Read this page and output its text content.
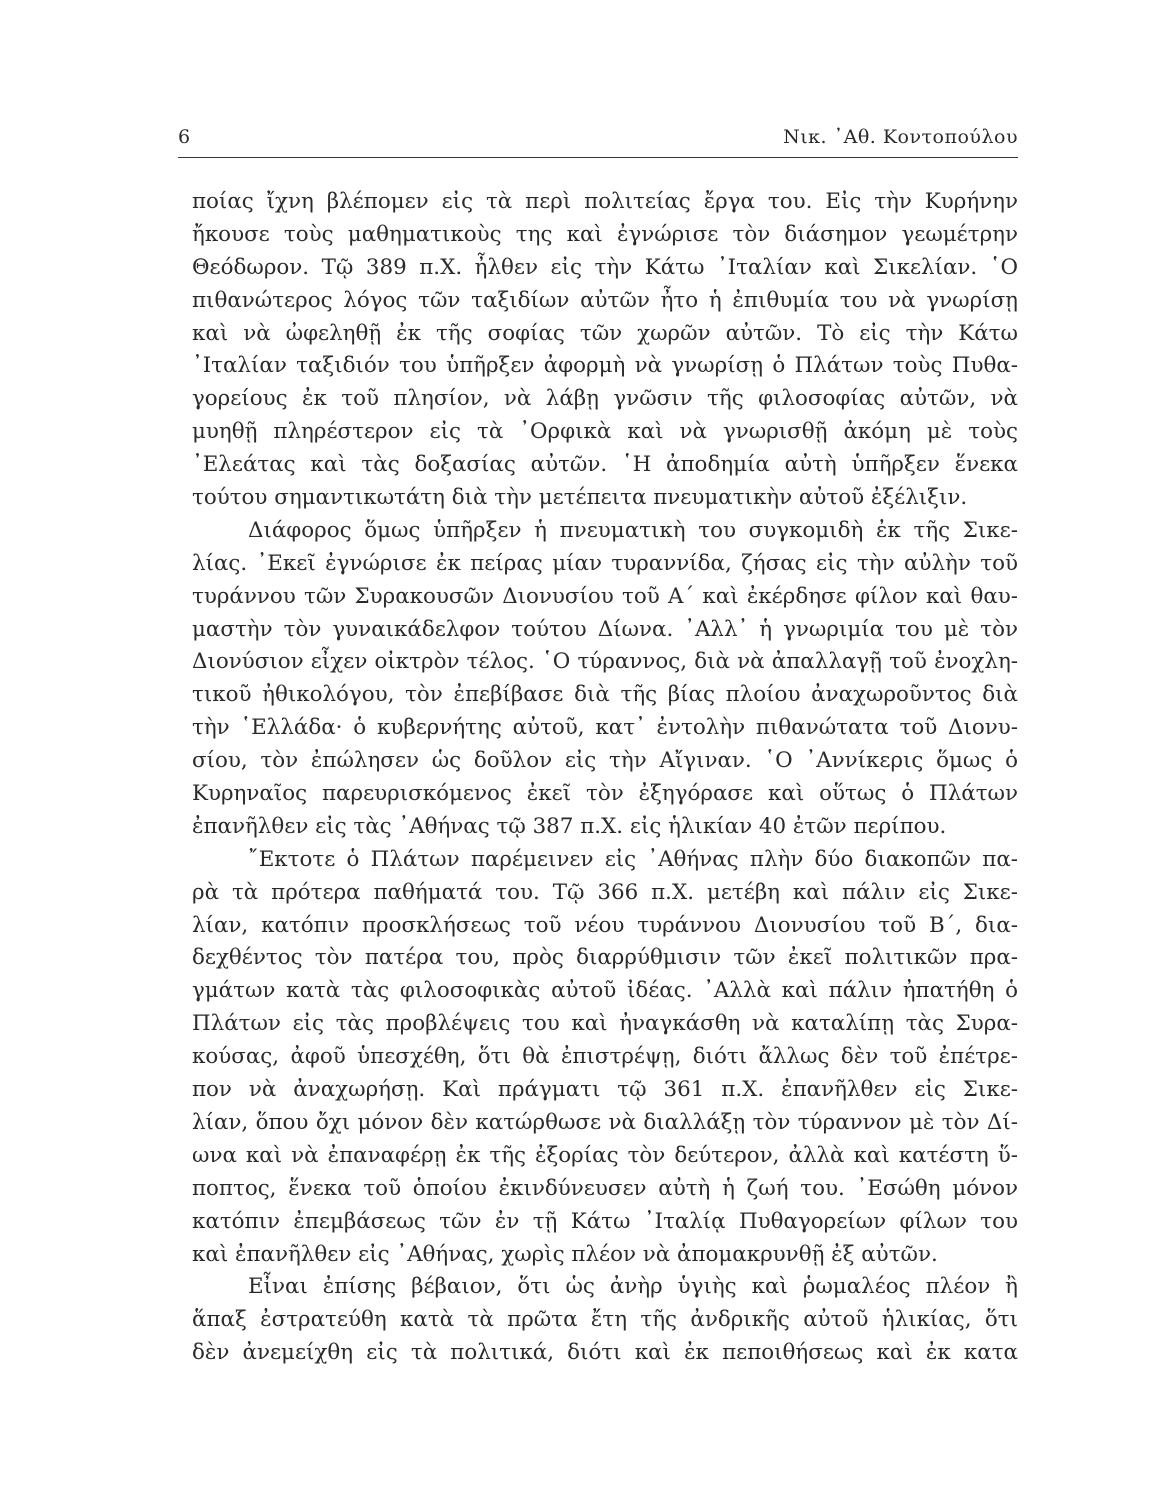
6	Νικ. ᾿Αθ. Κοντοπούλου
ποίας ἴχνη βλέπομεν εἰς τὰ περὶ πολιτείας ἔργα του. Εἰς τὴν Κυρήνην
ἤκουσε τοὺς μαθηματικοὺς της καὶ ἐγνώρισε τὸν διάσημον γεωμέτρην
Θεόδωρον. Τῷ 389 π.Χ. ἦλθεν εἰς τὴν Κάτω ᾿Ιταλίαν καὶ Σικελίαν. ῾Ο
πιθανώτερος λόγος τῶν ταξιδίων αὐτῶν ἦτο ἡ ἐπιθυμία του νὰ γνωρίσῃ
καὶ νὰ ὠφεληθῇ ἐκ τῆς σοφίας τῶν χωρῶν αὐτῶν. Τὸ εἰς τὴν Κάτω
᾿Ιταλίαν ταξιδιόν του ὑπῆρξεν ἀφορμὴ νὰ γνωρίσῃ ὁ Πλάτων τοὺς Πυθα-
γορείους ἐκ τοῦ πλησίον, νὰ λάβῃ γνῶσιν τῆς φιλοσοφίας αὐτῶν, νὰ
μυηθῇ πληρέστερον εἰς τὰ ᾿Ορφικὰ καὶ νὰ γνωρισθῇ ἀκόμη μὲ τοὺς
᾿Ελεάτας καὶ τὰς δοξασίας αὐτῶν. ῾Η ἀποδημία αὐτὴ ὑπῆρξεν ἕνεκα
τούτου σημαντικωτάτη διὰ τὴν μετέπειτα πνευματικὴν αὐτοῦ ἐξέλιξιν.
Διάφορος ὅμως ὑπῆρξεν ἡ πνευματικὴ του συγκομιδὴ ἐκ τῆς Σικε-
λίας. ᾿Εκεῖ ἐγνώρισε ἐκ πείρας μίαν τυραννίδα, ζήσας εἰς τὴν αὐλὴν τοῦ
τυράννου τῶν Συρακουσῶν Διονυσίου τοῦ Α΄ καὶ ἐκέρδησε φίλον καὶ θαυ-
μαστὴν τὸν γυναικάδελφον τούτου Δίωνα. ᾿Αλλ᾿ ἡ γνωριμία του μὲ τὸν
Διονύσιον εἶχεν οἰκτρὸν τέλος. ῾Ο τύραννος, διὰ νὰ ἀπαλλαγῇ τοῦ ἐνοχλη-
τικοῦ ἠθικολόγου, τὸν ἐπεβίβασε διὰ τῆς βίας πλοίου ἀναχωροῦντος διὰ
τὴν ῾Ελλάδα· ὁ κυβερνήτης αὐτοῦ, κατ᾿ ἐντολὴν πιθανώτατα τοῦ Διονυ-
σίου, τὸν ἐπώλησεν ὡς δοῦλον εἰς τὴν Αἴγιναν. ῾Ο ᾿Αννίκερις ὅμως ὁ
Κυρηναῖος παρευρισκόμενος ἐκεῖ τὸν ἐξηγόρασε καὶ οὕτως ὁ Πλάτων
ἐπανῆλθεν εἰς τὰς ᾿Αθήνας τῷ 387 π.Χ. εἰς ἡλικίαν 40 ἐτῶν περίπου.
῎Εκτοτε ὁ Πλάτων παρέμεινεν εἰς ᾿Αθήνας πλὴν δύο διακοπῶν πα-
ρὰ τὰ πρότερα παθήματά του. Τῷ 366 π.Χ. μετέβη καὶ πάλιν εἰς Σικε-
λίαν, κατόπιν προσκλήσεως τοῦ νέου τυράννου Διονυσίου τοῦ Β΄, δια-
δεχθέντος τὸν πατέρα του, πρὸς διαρρύθμισιν τῶν ἐκεῖ πολιτικῶν πρα-
γμάτων κατὰ τὰς φιλοσοφικὰς αὐτοῦ ἰδέας. ᾿Αλλὰ καὶ πάλιν ἠπατήθη ὁ
Πλάτων εἰς τὰς προβλέψεις του καὶ ἠναγκάσθη νὰ καταλίπῃ τὰς Συρα-
κούσας, ἀφοῦ ὑπεσχέθη, ὅτι θὰ ἐπιστρέψῃ, διότι ἄλλως δὲν τοῦ ἐπέτρε-
πον νὰ ἀναχωρήσῃ. Καὶ πράγματι τῷ 361 π.Χ. ἐπανῆλθεν εἰς Σικε-
λίαν, ὅπου ὄχι μόνον δὲν κατώρθωσε νὰ διαλλάξῃ τὸν τύραννον μὲ τὸν Δί-
ωνα καὶ νὰ ἐπαναφέρῃ ἐκ τῆς ἐξορίας τὸν δεύτερον, ἀλλὰ καὶ κατέστη ὕ-
ποπτος, ἕνεκα τοῦ ὁποίου ἐκινδύνευσεν αὐτὴ ἡ ζωή του. ᾿Εσώθη μόνον
κατόπιν ἐπεμβάσεως τῶν ἐν τῇ Κάτω ᾿Ιταλίᾳ Πυθαγορείων φίλων του
καὶ ἐπανῆλθεν εἰς ᾿Αθήνας, χωρὶς πλέον νὰ ἀπομακρυνθῇ ἐξ αὐτῶν.
Εἶναι ἐπίσης βέβαιον, ὅτι ὡς ἀνὴρ ὑγιὴς καὶ ῥωμαλέος πλέον ἢ
ἅπαξ ἐστρατεύθη κατὰ τὰ πρῶτα ἔτη τῆς ἀνδρικῆς αὐτοῦ ἡλικίας, ὅτι
δὲν ἀνεμείχθη εἰς τὰ πολιτικά, διότι καὶ ἐκ πεποιθήσεως καὶ ἐκ κατα
